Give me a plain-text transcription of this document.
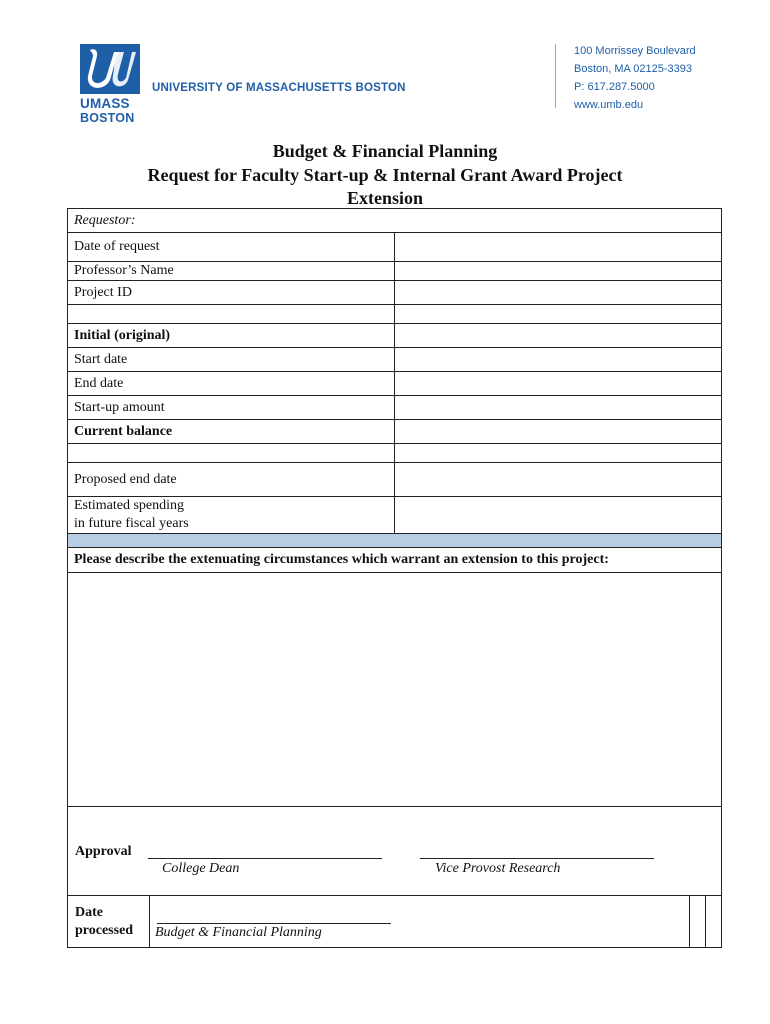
UMASS
BOSTON
UNIVERSITY OF MASSACHUSETTS BOSTON
100 Morrissey Boulevard
Boston, MA 02125-3393
P: 617.287.5000
www.umb.edu
Budget & Financial Planning
Request for Faculty Start-up & Internal Grant Award Project
Extension
Requestor:	
Date of request	
Professor’s Name	
Project ID	

Initial (original)	
Start date	
End date	
Start-up amount	
Current balance	

Proposed end date	

Estimated spending
in future fiscal years	

Please describe the extenuating circumstances which warrant an extension to this project:	

Approval
College Dean	Vice Provost Research
Date
processed Budget & Financial Planning
